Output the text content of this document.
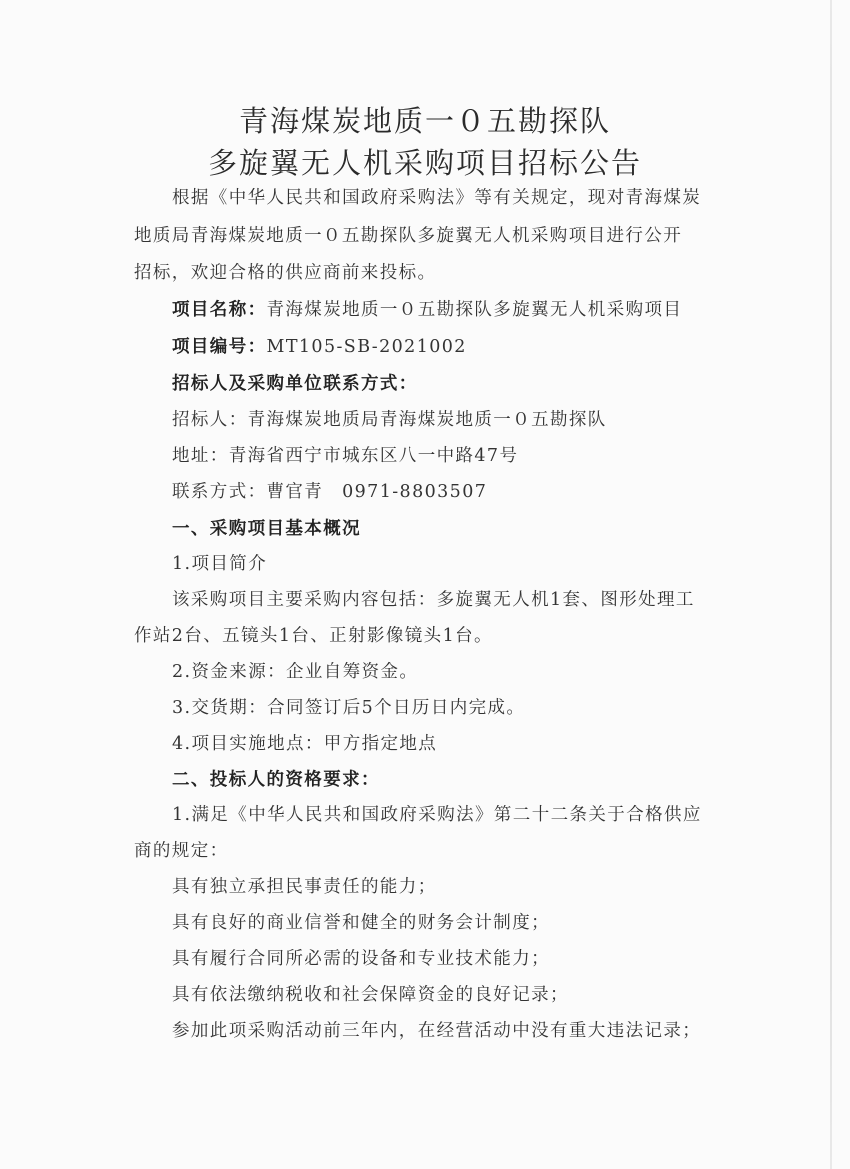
青海煤炭地质一０五勘探队
多旋翼无人机采购项目招标公告
根据《中华人民共和国政府采购法》等有关规定，现对青海煤炭
地质局青海煤炭地质一０五勘探队多旋翼无人机采购项目进行公开
招标，欢迎合格的供应商前来投标。
项目名称：青海煤炭地质一０五勘探队多旋翼无人机采购项目
项目编号：MT105-SB-2021002
招标人及采购单位联系方式：
招标人：青海煤炭地质局青海煤炭地质一０五勘探队
地址：青海省西宁市城东区八一中路47号
联系方式：曹官青　0971-8803507
一、采购项目基本概况
1.项目简介
该采购项目主要采购内容包括：多旋翼无人机1套、图形处理工
作站2台、五镜头1台、正射影像镜头1台。
2.资金来源：企业自筹资金。
3.交货期：合同签订后5个日历日内完成。
4.项目实施地点：甲方指定地点
二、投标人的资格要求：
1.满足《中华人民共和国政府采购法》第二十二条关于合格供应
商的规定：
具有独立承担民事责任的能力；
具有良好的商业信誉和健全的财务会计制度；
具有履行合同所必需的设备和专业技术能力；
具有依法缴纳税收和社会保障资金的良好记录；
参加此项采购活动前三年内，在经营活动中没有重大违法记录；
